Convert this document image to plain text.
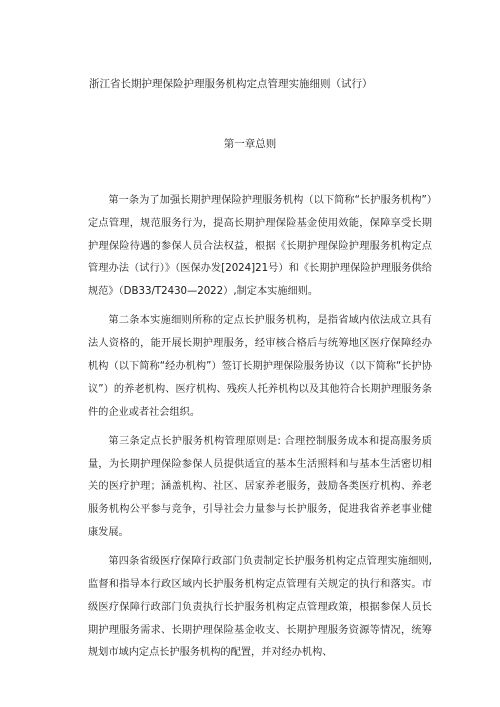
浙江省长期护理保险护理服务机构定点管理实施细则（试行）
第一章总则

第一条为了加强长期护理保险护理服务机构（以下简称“长护服务机构”）定点管理，规范服务行为，提高长期护理保险基金使用效能，保障享受长期护理保险待遇的参保人员合法权益，根据《长期护理保险护理服务机构定点管理办法（试行）》（医保办发[2024]21号）和《长期护理保险护理服务供给规范》（DB33/T2430—2022）,制定本实施细则。

第二条本实施细则所称的定点长护服务机构，是指省域内依法成立具有法人资格的，能开展长期护理服务，经审核合格后与统筹地区医疗保障经办机构（以下简称“经办机构”）签订长期护理保险服务协议（以下简称“长护协议”）的养老机构、医疗机构、残疾人托养机构以及其他符合长期护理服务条件的企业或者社会组织。

第三条定点长护服务机构管理原则是: 合理控制服务成本和提高服务质量，为长期护理保险参保人员提供适宜的基本生活照料和与基本生活密切相关的医疗护理；涵盖机构、社区、居家养老服务，鼓励各类医疗机构、养老服务机构公平参与竞争，引导社会力量参与长护服务，促进我省养老事业健康发展。

第四条省级医疗保障行政部门负责制定长护服务机构定点管理实施细则,监督和指导本行政区域内长护服务机构定点管理有关规定的执行和落实。市级医疗保障行政部门负责执行长护服务机构定点管理政策，根据参保人员长期护理服务需求、长期护理保险基金收支、长期护理服务资源等情况，统筹规划市域内定点长护服务机构的配置，并对经办机构、
